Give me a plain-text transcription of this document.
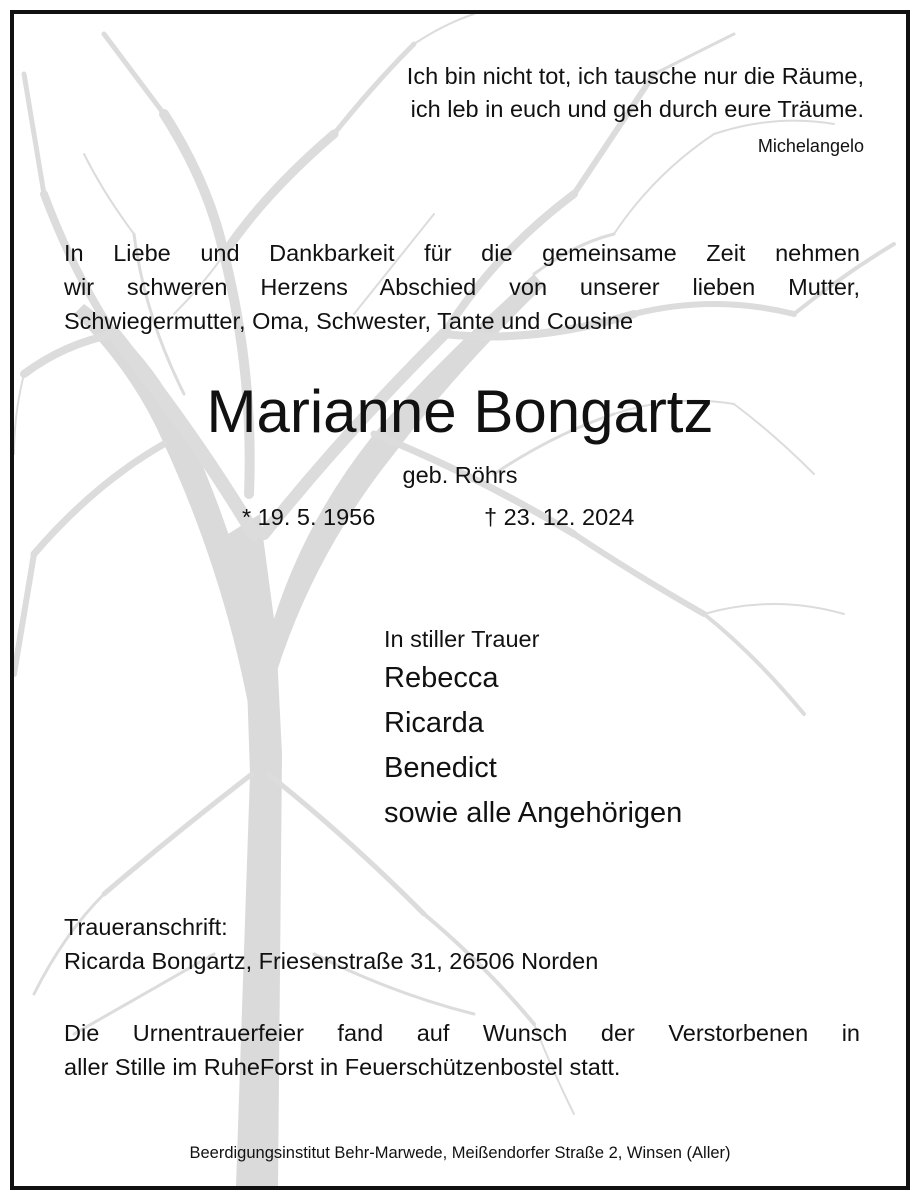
Ich bin nicht tot, ich tausche nur die Räume,
ich leb in euch und geh durch eure Träume.
Michelangelo
In Liebe und Dankbarkeit für die gemeinsame Zeit nehmen
wir schweren Herzens Abschied von unserer lieben Mutter,
Schwiegermutter, Oma, Schwester, Tante und Cousine
Marianne Bongartz
geb. Röhrs
* 19. 5. 1956	† 23. 12. 2024
In stiller Trauer
Rebecca
Ricarda
Benedict
sowie alle Angehörigen
Traueranschrift:
Ricarda Bongartz, Friesenstraße 31, 26506 Norden
Die Urnentrauerfeier fand auf Wunsch der Verstorbenen in
aller Stille im RuheForst in Feuerschützenbostel statt.
Beerdigungsinstitut Behr-Marwede, Meißendorfer Straße 2, Winsen (Aller)
